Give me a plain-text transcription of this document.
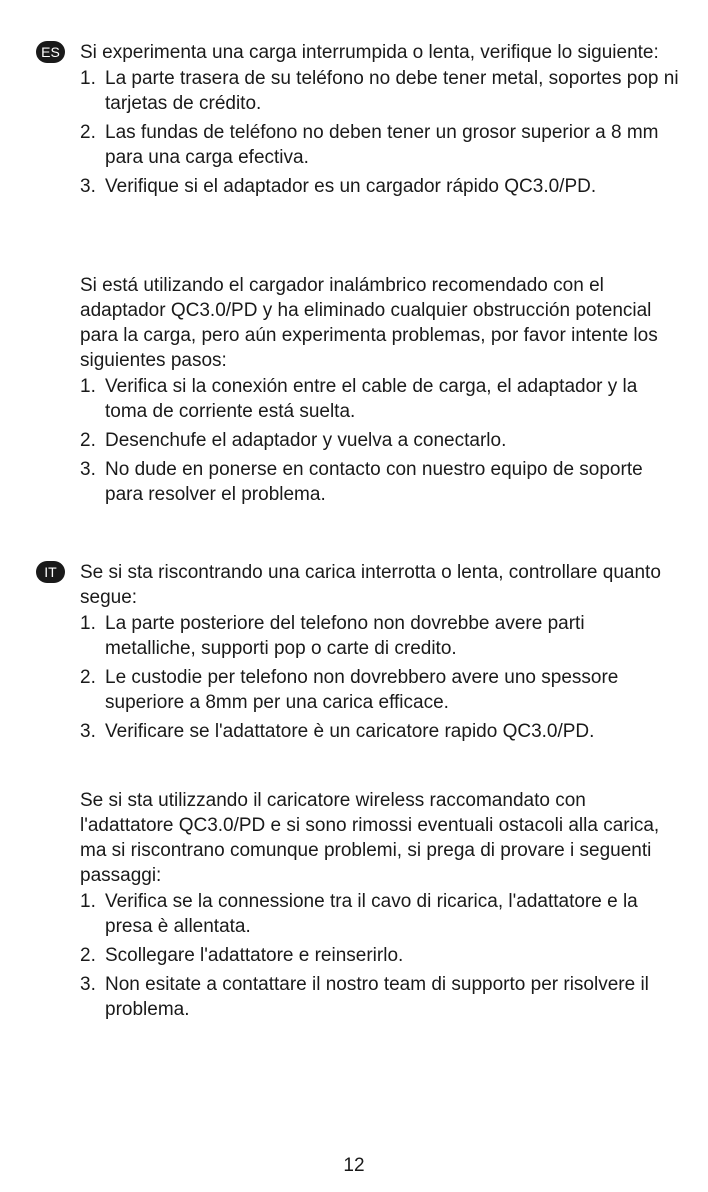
ES Si experimenta una carga interrumpida o lenta, verifique lo siguiente:

1. La parte trasera de su teléfono no debe tener metal, soportes pop ni tarjetas de crédito.
2. Las fundas de teléfono no deben tener un grosor superior a 8 mm para una carga efectiva.
3. Verifique si el adaptador es un cargador rápido QC3.0/PD.

Si está utilizando el cargador inalámbrico recomendado con el adaptador QC3.0/PD y ha eliminado cualquier obstrucción potencial para la carga, pero aún experimenta problemas, por favor intente los siguientes pasos:

1. Verifica si la conexión entre el cable de carga, el adaptador y la toma de corriente está suelta.
2. Desenchufe el adaptador y vuelva a conectarlo.
3. No dude en ponerse en contacto con nuestro equipo de soporte para resolver el problema.
IT	Se si sta riscontrando una carica interrotta o lenta, controllare quanto segue:

1. La parte posteriore del telefono non dovrebbe avere parti metalliche, supporti pop o carte di credito.
2. Le custodie per telefono non dovrebbero avere uno spessore superiore a 8mm per una carica efficace.
3. Verificare se l'adattatore è un caricatore rapido QC3.0/PD.

Se si sta utilizzando il caricatore wireless raccomandato con l'adattatore QC3.0/PD e si sono rimossi eventuali ostacoli alla carica, ma si riscontrano comunque problemi, si prega di provare i seguenti passaggi:

1. Verifica se la connessione tra il cavo di ricarica, l'adattatore e la presa è allentata.
2. Scollegare l'adattatore e reinserirlo.
3. Non esitate a contattare il nostro team di supporto per risolvere il problema.
12
